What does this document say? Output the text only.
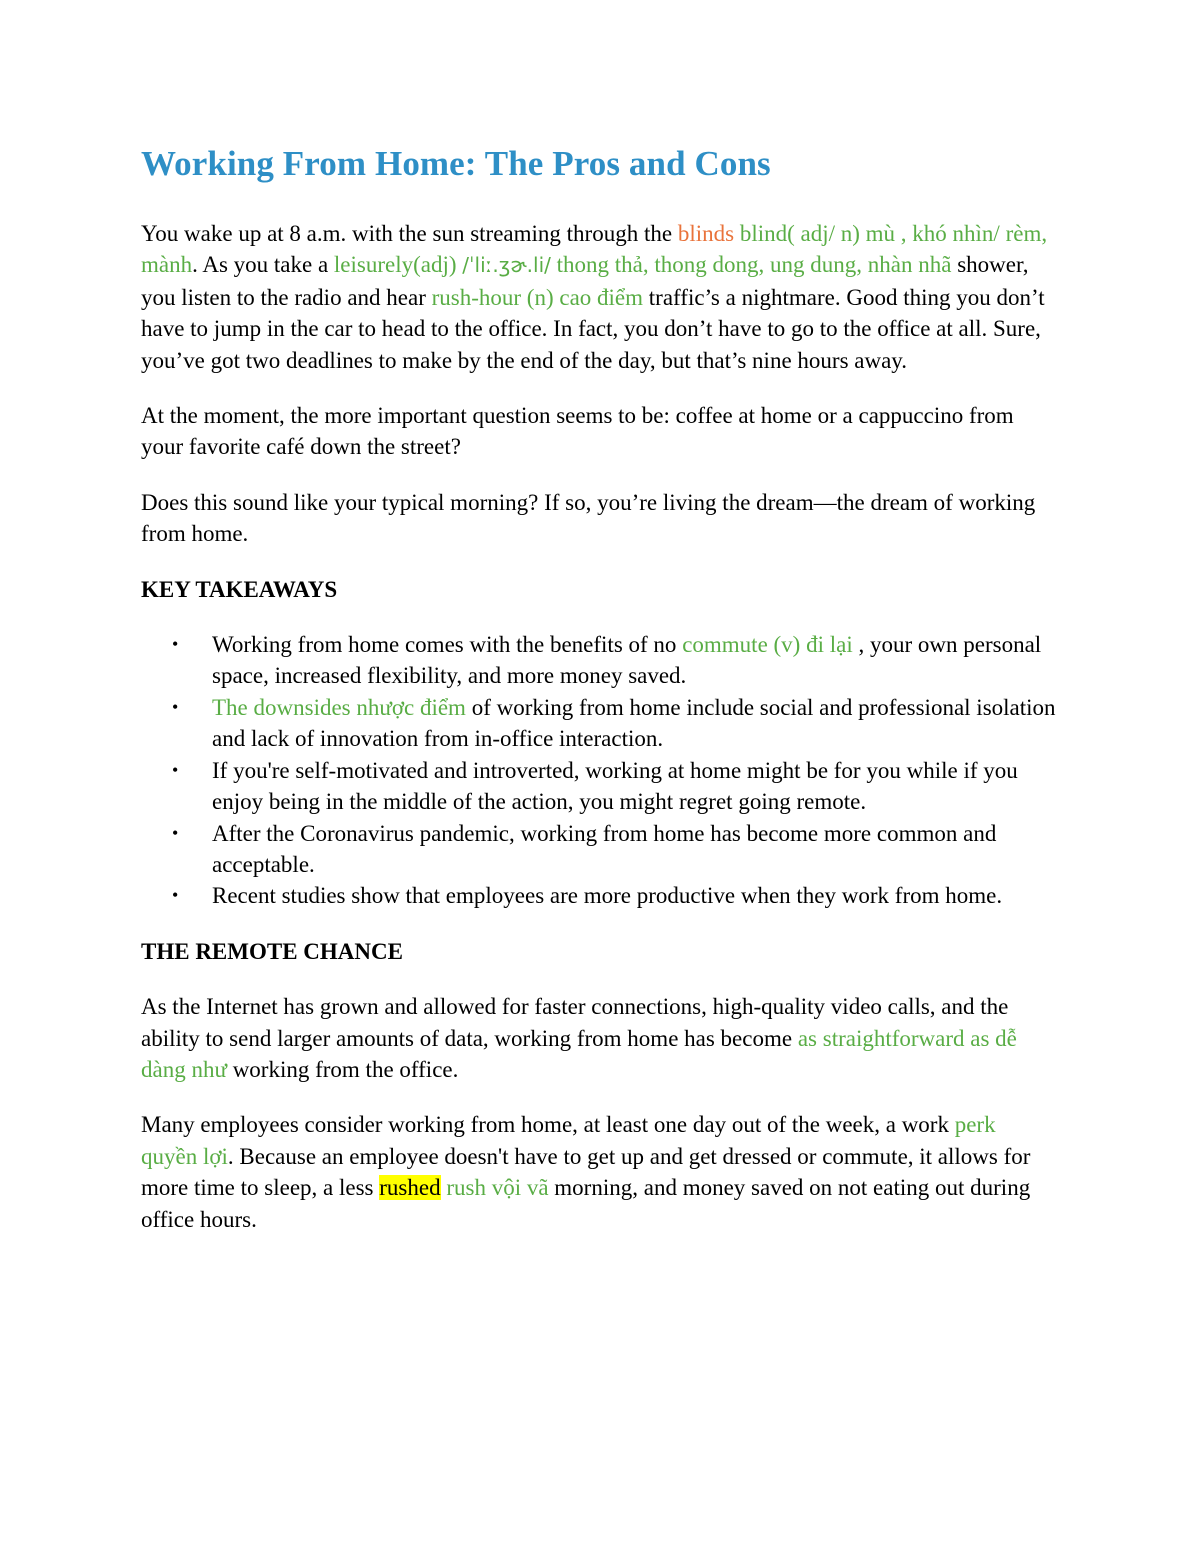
Working From Home: The Pros and Cons

You wake up at 8 a.m. with the sun streaming through the blinds blind( adj/ n) mù , khó nhìn/ rèm, mành. As you take a leisurely(adj) /ˈliː.ʒɚ.li/ thong thả, thong dong, ung dung, nhàn nhã shower, you listen to the radio and hear rush-hour (n) cao điểm traffic’s a nightmare. Good thing you don’t have to jump in the car to head to the office. In fact, you don’t have to go to the office at all. Sure, you’ve got two deadlines to make by the end of the day, but that’s nine hours away.

At the moment, the more important question seems to be: coffee at home or a cappuccino from your favorite café down the street?

Does this sound like your typical morning? If so, you’re living the dream—the dream of working from home.

KEY TAKEAWAYS

• Working from home comes with the benefits of no commute (v) đi lại , your own personal space, increased flexibility, and more money saved.
• The downsides nhược điểm of working from home include social and professional isolation and lack of innovation from in-office interaction.
• If you're self-motivated and introverted, working at home might be for you while if you enjoy being in the middle of the action, you might regret going remote.
• After the Coronavirus pandemic, working from home has become more common and acceptable.
• Recent studies show that employees are more productive when they work from home.

THE REMOTE CHANCE

As the Internet has grown and allowed for faster connections, high-quality video calls, and the ability to send larger amounts of data, working from home has become as straightforward as dễ dàng như working from the office.

Many employees consider working from home, at least one day out of the week, a work perk quyền lợi. Because an employee doesn't have to get up and get dressed or commute, it allows for more time to sleep, a less rushed rush vội vã morning, and money saved on not eating out during office hours.
